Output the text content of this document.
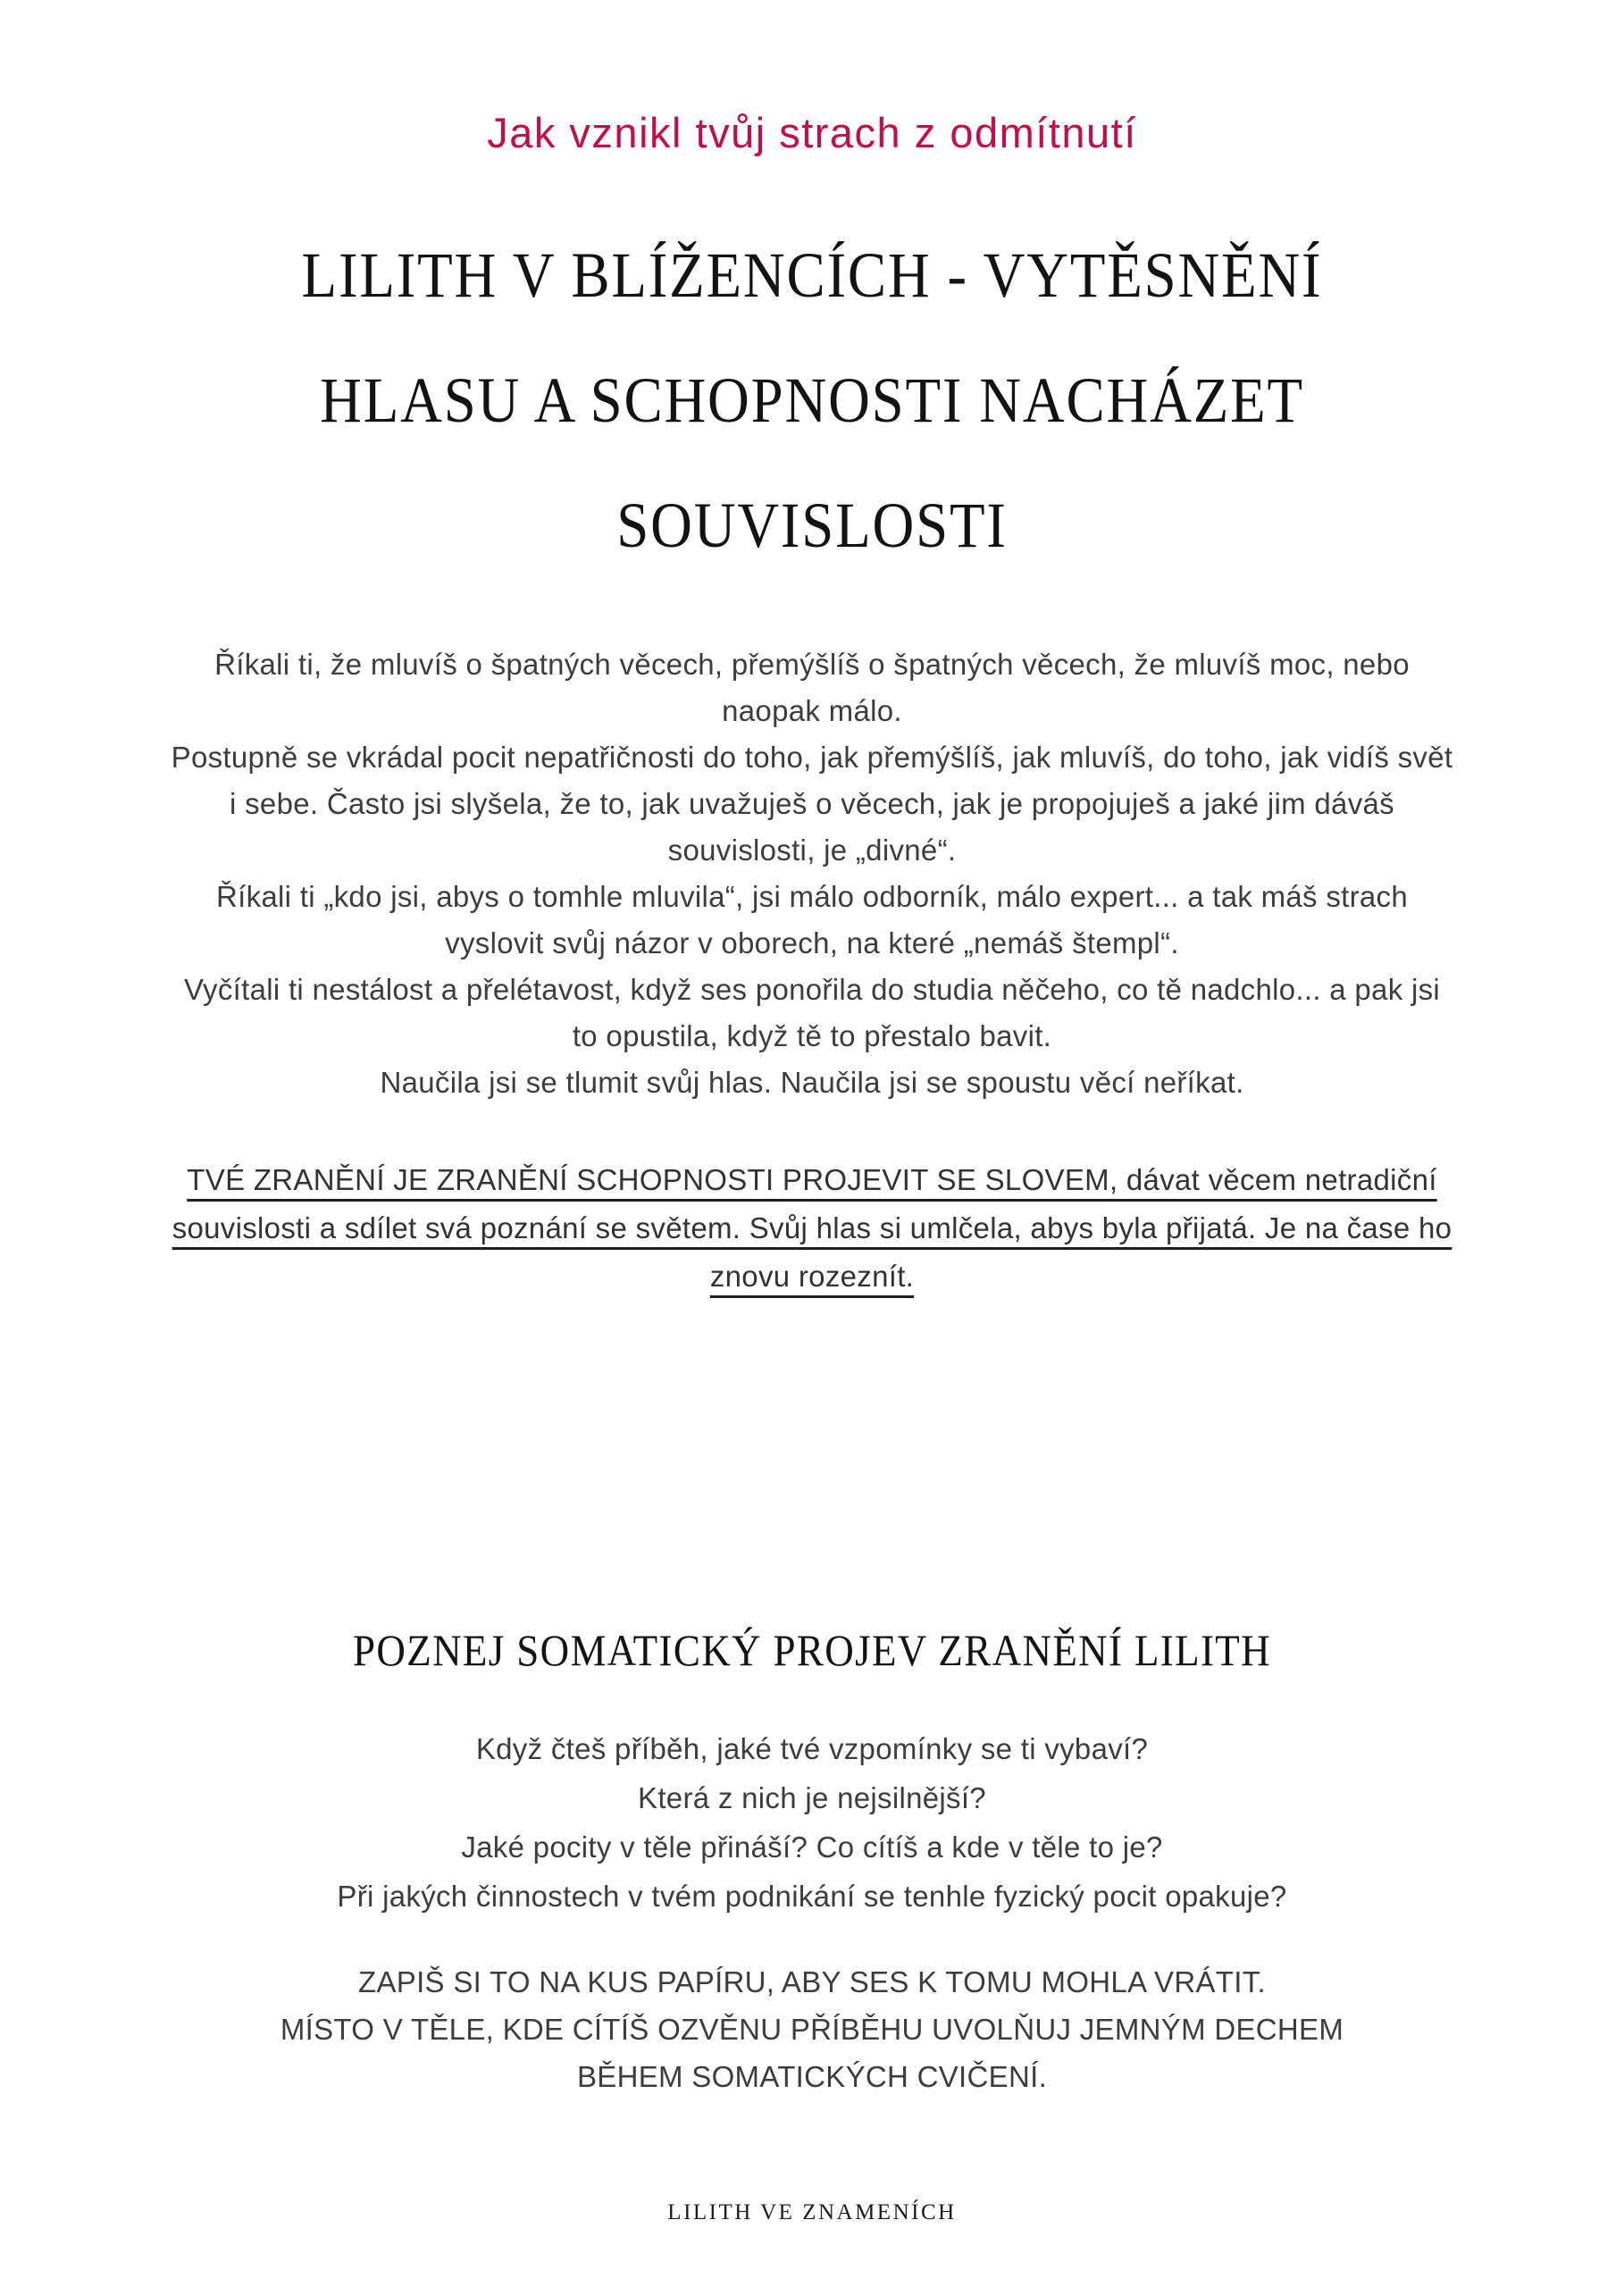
Jak vznikl tvůj strach z odmítnutí
LILITH V BLÍŽENCÍCH - VYTĚSNĚNÍ
HLASU A SCHOPNOSTI NACHÁZET
SOUVISLOSTI
Říkali ti, že mluvíš o špatných věcech, přemýšlíš o špatných věcech, že mluvíš moc, nebo
naopak málo.
Postupně se vkrádal pocit nepatřičnosti do toho, jak přemýšlíš, jak mluvíš, do toho, jak vidíš svět
i sebe. Často jsi slyšela, že to, jak uvažuješ o věcech, jak je propojuješ a jaké jim dáváš
souvislosti, je „divné“.
Říkali ti „kdo jsi, abys o tomhle mluvila“, jsi málo odborník, málo expert... a tak máš strach
vyslovit svůj názor v oborech, na které „nemáš štempl“.
Vyčítali ti nestálost a přelétavost, když ses ponořila do studia něčeho, co tě nadchlo... a pak jsi
to opustila, když tě to přestalo bavit.
Naučila jsi se tlumit svůj hlas. Naučila jsi se spoustu věcí neříkat.
TVÉ ZRANĚNÍ JE ZRANĚNÍ SCHOPNOSTI PROJEVIT SE SLOVEM, dávat věcem netradiční
souvislosti a sdílet svá poznání se světem. Svůj hlas si umlčela, abys byla přijatá. Je na čase ho
znovu rozeznít.
POZNEJ SOMATICKÝ PROJEV ZRANĚNÍ LILITH
Když čteš příběh, jaké tvé vzpomínky se ti vybaví?
Která z nich je nejsilnější?
Jaké pocity v těle přináší? Co cítíš a kde v těle to je?
Při jakých činnostech v tvém podnikání se tenhle fyzický pocit opakuje?
ZAPIŠ SI TO NA KUS PAPÍRU, ABY SES K TOMU MOHLA VRÁTIT.
MÍSTO V TĚLE, KDE CÍTÍŠ OZVĚNU PŘÍBĚHU UVOLŇUJ JEMNÝM DECHEM
BĚHEM SOMATICKÝCH CVIČENÍ.
LILITH VE ZNAMENÍCH
